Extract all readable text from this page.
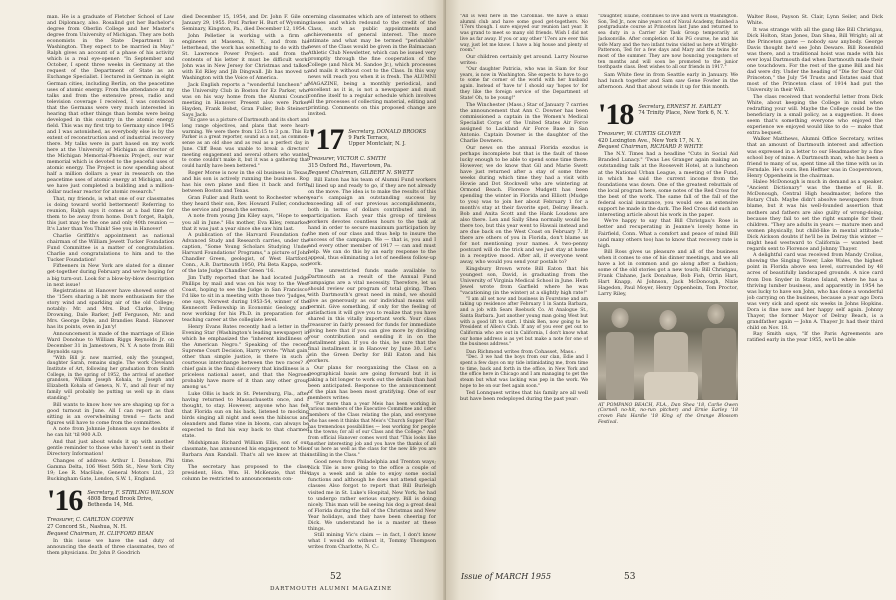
man. He is a graduate of Fletcher School of Law and Diplomacy, also. Rosalind got her Bachelor's degree from Oberlin College and her Master's degree from University of Michigan. They are both economists in the State Department in Washington. They expect to be married in May." Ralph gives an account of a phase of his activity which is a real eye-opener: "In September and October, I spent three weeks in Germany at the request of the Department of State as an Exchange Specialist. I lectured in German in eight German cities, including Berlin, on the peacetime uses of atomic energy. From the attendance at my talks and from the extensive press, radio and television coverage I received, I was convinced that the Germans were very much interested in hearing that other things than bombs were being developed in this country in the atomic energy field. This was my first trip to Germany since 1945 and I was astonished, as everybody else is by the extent of reconstruction and of industrial recovery there. My talks were in part based on my work here at the University of Michigan as director of the Michigan Memorial-Phoenix Project, our war memorial which is devoted to the peaceful uses of atomic energy. The Project is now spending about half a million dollars a year in research on the peacetime uses of atomic energy at Michigan, and we have just completed a building and a million-dollar nuclear reactor for atomic research."

That, my friends, is what one of our classmates is doing toward world betterment! Referring to reunion, Ralph says it comes at a bad time for them to be away from home. Don't forget, Ralph, this just may be the one and only 40th reunion — It's Later than You Think! See you in Hanover!

Charlie Griffith's appointment as national chairman of the William Jewett Tucker Foundation Fund Committee is a matter of congratulation. Charlie and congratulations to him and to the Tucker Foundation!

Fifteeners in New York are slated for a dinner get-together during February and we're hoping for a big turn-out. Look for a blow-by-blow description in next issue!

Registrations at Hanover have showed some of the '15ers sharing a bit more enthusiasm for the story wind and sparkling air of the old College; notably: Mr. and Mrs. Bud Clarke, Irving Drowning, Dale Barker, Jeff Ferguson, Mr. and Mrs. George Dyke, and Brandies Rand. Hanover has its points, even in Jan'y!

Announcement is made of the marriage of Elsie Ward Donohue to William Riggs Reynolds Jr. on December 31 in Jamestown, N. Y. A note from Bill Reynolds says:

"With Bill jr. now married, only the youngest, daughter Sarah, remains single. The work Cleveland Institute of Art, following her graduation from Smith College, in the spring of 1952, the arrival of another grandson, William Joseph Kohala, to Joseph and Elizabeth Kohala of Geneva, N. Y., and all four of my family will probably be putting us well up in class standing."

Bill wants to know how we are shaping up for a good turnout in June. All I can report as that sitting is an overwhelming trend — facts and figures will have to come from the committee.

A note from Johnnie Johnson says he doubts if he can hit 'til 900 A.D.

And that just about winds it up with another gentle reminder to those who haven't sent in their Directory Information!

Changes of address: Arthur I. Donohue, Phi Gamma Delta, 106 West 56th St., New York City 19; Lee R. MacHale, General Motors Ltd., 23 Buckingham Gate, London, S.W. 1, England.

'16 Secretary, F. STIRLING WILSON
4808 Broad Brook Drive,
Bethesda 14, Md.

Treasurer, C. CARLTON COFFIN

27 Concord St., Nashua, N. H.

Bequest Chairman, H. CLIFFORD BEAN

In this issue we have the sad duty of announcing the death of three classmates, two of them physicians. Dr. John P. Goodrich

died December 15, 1954, and Dr. John F. Gile on January 29, 1955. Prof. Parker H. Burt of Wyoming Seminary, Kingston, Pa., died December 12, 1954.

John Pelletier is working with a firm of engineers at Massena, N. Y., and from his letterhead, the work has something to do with the St. Lawrence Power Project: and from the contents of his letter it must be difficult work. John was in New Jersey for Christmas and talked with Ed Riley and Jib Dingwall. Jib has moved to Washington with the Voice of America.

Jack English reports a "wonderful luncheon" at the University Club in Boston for Ez Parker, who was on his way home from the Alumni Council meeting in Hanover. Present also were Parker Hayden, Frank Bobst, Gran Fuller, Bob Steinert. Says Jack:

"Ez gave us a picture of Dartmouth and its short and long range objectives, and plans that were heart-warming. We were there from 12:15 to 3 p.m. This Ez Parker is a great reporter, sound as a nut, as common-sense as an old shoe and as real as a perfect day in June. Cliff Bean was unable to break a directors' meeting engagement and several others who wanted to come couldn't make it, but it was a gathering that could hardly have been bettered."

Roger Morse is now in the oil business in Texas, and his son is actively running the business. Rog has his own plane and flies it back and forth between Boston and Texas.

Gran Fuller and Ruth went to Rochester where they heard their son, Rev. Howard Fuller, conduct the service and preach the sermon.

A note from young Jim Kiley says, "Hope to see you all in June." His mother, Eva Kiley, remarked that it was just a year since she saw him last.

A publication of the Harvard Foundation for Advanced Study and Research carries, under the caption, "Some Young Scholars Studying Under Harvard Foundations' Programs," a picture of John Chandler Green, geologist, of West Hartford, Conn., A.B. Dartmouth 1950, Phi Beta Kappa, son of the late Judge Chandler Green '16.

Jim Tuffy reported that he had located Judge Phillips by mail and was on his way to the West Coast, hoping to see the Judge in San Francisco. I'd like to sit in a meeting with those two "judges," one says, Norwest during 1953-54, winner of the Kennecott Fellowship in Economic Geology, and now working for his Ph.D. in preparation for a teaching career at the collegiate level.

Henry Evans Bates recently had a letter in the Evening Star (Washington's leading newspaper) in which he emphasized the "inherent kindliness of the American Negro." Speaking of the recent Supreme Court Decision, Harry wrote: "What gain, other than simple justice, is there in such a courteous interchange between the two races? A chief gain is the final discovery that kindliness is a priceless national asset, and that the Negroes probably have more of it than any other group among us."

Luke Ollis is back in St. Petersburg, Fla., after having returned to Massachusetts once, and I thought, to stay. However, anyone who has felt that Florida sun on his back, listened to mocking birds singing all night and seen the hibiscus and oleanders and flame vine in bloom, can always be expected to find his way back to that charmed state.

Midshipman Richard William Ellis, son of our classmate, has announced his engagement to Miss Barbara Ann Randall. That's all we know at this time.

The secretary has proposed to the class president, Hon. Wm. H. McKenzie, that this column be restricted to announcements con-

cerning classmates which are of interest to others classes and which redound to the credit of the Class, such as public appointments and achievements of general interest. The more intimate and what may be termed "perishable" news of the Class would be given in the Balmacaan Athletic Club Newsletter, which can be issued very promptly through the fine cooperation of the College (and Nick M. Sandoe Jr.), which processes and mails it without cost to the Class. In this way news will reach you when it is fresh. The ALUMNI MAGAZINE, being a monthly periodical, and excellent as it is, is not a newspaper and must confine itself to a regular schedule which involves all the processes of collecting material, editing and printing. Comments on this proposed change are invited.

'17 Secretary, DONALD BROOKS
9 Park Terrace,
Upper Montclair, N. J.

Treasurer, VICTOR C. SMITH

315 Oxford Rd., Havertown, Pa.

Bequest Chairman, GILBERT N. SWETT

Bill Eaton has his team of Alumni Fund workers all lined up and ready to go, if they are not already on the move. The idea is to make the results of this year's campaign an outstanding success by exceeding all of our previous accomplishments, both in terms of dollars contributed and in participation. Each year this group of tireless workers devotes countless hours to the task at hand in order to secure maximum participation by the men of our class and thus help to insure the success of the campaign. We — that is, you and I and every other member of 1917 — can and must help. We can do this by an early response to the appeal, thus eliminating a lot of needless follow-up work.

The unrestricted funds made available to Dartmouth as a result of the Annual Fund campaigns are a vital necessity. Therefore, let us should review our program of total giving. Then with Dartmouth's great need in mind, we should give as generously as our individual means will permit. Give something, if only for the feeling of satisfaction it will give you to realize that you have shared in this vitally important work. Your class treasurer in fairly pressed for funds for immediate giving here that if you can give more by dividing your contribution and sending it in on the installment plan. If you do this, be sure that the final installment is in Hanover by June 30. Let's win the Green Derby for Bill Eaton and his workers.

Our plans for reorganizing the Class on a geographical basis are going forward but it is taking a bit longer to work out the details than had been anticipated. Response to the announcement of the plan has been most gratifying. One of our members writes:

"For more than a year Meis has been working in various members of the Executive Committee and other members of the Class relating the plan, and everyone who has seen it thinks that Meis's 'Church Supper Plan' has tremendous possibilities — less working for people in the towns; for all of our Class and the College." And from official Hanover comes word that "This looks like another interesting job and you have the thanks of all of us here as well as the class for the new life you are instilling in the Class."

Good news from Philadelphia and Trenton ways; Nick Tile is now going to the office a couple of days a week and is able to enjoy some social functions and although he does not attend special classes Also forgot to report that Bill Burleigh visited me in St. Luke's Hospital, New York, he had to undergo rather serious surgery. Bill is doing nicely. This man will be seeing his dog a great deal of Florida during the fall of the Christmas and New Year holidays, and they have been cheering for Dick. We understand he is a master at these things.

Still mining Vic's claim — in fact, I don't know what I would do without it, Tommy Thompson writes from Charlotte, N. C.:

52
DARTMOUTH ALUMNI MAGAZINE

"All is well here in the Carolinas. We have a small alumni club and have some good get-togethers. No '17ers though. I sure enjoyed our reunion last year. It was grand to meet so many old friends. Wish I did not live as far away. If you or any other '17ers are ever this way, just let me know. I have a big house and plenty of room."

Our children certainly get around. Larry Nourse writes:

"Our daughter Patricia, who was in Siam for four years, is now in Washington. She expects to have to go to some far corner of the world with her husband again. Instead of 'have to' I should say 'hopes to' for they like the foreign service of the Department of State! Oh, to be young!"

The Winchester (Mass.) Star of January 7 carries the announcement that Ann C. Downer has been commissioned a captain in the Women's Medical Specialist Corps of the United States Air Force assigned to Lackland Air Force Base in San Antonio. Captain Downer is the daughter of the Charlie Downers.

Our news on the annual Florida exodus is perhaps incomplete but that is the fault of those lucky enough to be able to spend some time there. However, we do know that Gil and Marie Swett have just returned after a stay of some three weeks during which time they had a visit with Howie and Dot Stockwell who are wintering at Ormond Beach. Florence Mudgett has been spending the winter in Florida and Elliott (Mudge to you) was to join her about February 1 for a month's stay at their favorite spot, Delray Beach. Bob and Anita Scott and the Hank Loudons are also there. Len and Sally Shea normally would be there too, but this year went to Hawaii instead and are due back on the West Coast on February 7. If there are others of you in Florida, don't blame us for not mentioning your names. A two-penny postcard will do the trick and we just stay at home in a receptive mood. After all, if everyone went away, who would you send your postals to?

Kingsbury Brown wrote Bill Eaton that his youngest son, David, is graduating from the University of Virginia Medical School in June. Herb Jewel wrote from Garfield where he was "vacationing (in the winter) at a slightly high rate!"

"I am all set now and business in Fourstone and am taking up residence after February 1 in Santa Barbara, and a job with Sears Roebuck Co. At Analogue St., Santa Barbara. Just another young man going West but with a good lift to start. I think Ben, now going to be President of Allen's Club. If any of you ever get out to California who are out in California, I don't know what our home address is as yet but make a note for one of the business address."

Dan Richmond writes from Cohasset, Mass.:

"Dec. 3 we had the boys from our clan, Edie and I spent a few days on my tide intimidating me, from time to time, back and forth in the office, in New York and the office here in Chicago and I am managing to get the steam but what was lacking was pep in the work. We hope to be on our feet again soon."

Ted Lonnquest writes that his family are all well but have been redeployed during the past year:

"Daughter, Elaine, continues to live and work in Washington. Son, Ted Jr., now nine years out of Naval Academy, finished a postgraduate course at Princeton last June and returned to sea duty in a Carrier Air Task Group temporarily at Jacksonville. After completion of his PG course, he and his wife Mary and the two infant twins visited us here at Wright-Patterson, Ted for a few days and Mary and the twins for most of the summer. They are now bouncing youngsters of ten months and will soon be promoted to the junior toothpaste class. Best wishes to all our friends in 1917."

Sam White flew in from Seattle early in January. We had lunch together and Sam saw Gene Fowler in the afternoon. And that about winds it up for this month.

'18 Secretary, ERNEST H. EARLEY
74 Trinity Place, New York 6, N. Y.

Treasurer, W. CURTIS GLOVER

420 Lexington Ave., New York 17, N. Y.

Bequest Chairman, RICHARD P. WHITE

The N.Y. Times had a headline "Cuts in Social Aid Branded Lunacy." 'Twas Les Granger again making an outstanding talk at the Roosevelt Hotel, at a luncheon at the National Urban League, a meeting of the Fund, in which he said the current income from the foundations was down. One of the greatest rebuttals of the local program here, some notes of the Red Cross for the best of the work. The same fall of the fall of the federal social insurance, you would see an extensive support he made in the dark. The Red Cross did such an interesting article about his work in the paper.

We're happy to say that Bill Christgau's Rose is better and recuperating in Jeanne's lovely home in Fairfield, Conn. What a comfort and peace of mind Bill (and many others too) has to know that recovery rate is high.

Bill Ross gives us pleasure and all of the business when it comes to one of his dinner meetings, and we all have a lot in common and go along after a fashion; some of the old stories got a new touch; Bill Christgau, Frank Clahane, Jack Donahue, Bob Fish, Orrin Hart, Hart Knapp, Al Johnson, Jack McDonough, Nixie Hagedon, Paul Moyer, Henry Oppenheim, Tom Proctor, Larry Riley,

AT POMPANO BEACH, FLA., Dan Shea '18, Carlie Owen (Cornell no-hit, no-run pitcher) and Ernie Earley '18 crown Fats Hardie '18 King of the Orange Blossom Festival.

Walter Ross, Payson St. Clair, Lynn Seiler, and Dick White.

It was strange with all the gang like Bill Christgau, Dick Holton, Stan Jones, Dan Shea, Bill Wright; all at the Princeton game — nobody saw anybody. George Davis thought he'd see John Deware. Bill Rosenfeld was there, and a traditional hoist was made with his ever loyal Dartmouth dad when Dartmouth made their one touchdown. For the rest of the game Bill and his dad were dry. Under the heading of "Die for Dear Old Princeton," the July '54 Trusts and Estates said that most of the Princeton class of 1914 had put the University in their Will.

The class received that wonderful letter from Dick White, about keeping the College in mind when redrafting your will. Maybe the College could be the beneficiary in a small policy, as a suggestion. It does seem that's something everyone who enjoyed the experience we enjoyed would like to do — make that extra bequest.

Walker Matthews, Alumni Office Secretary, writes that an amount of Dartmouth interest and affection was expressed in a letter to our Headmaster by a fine school boy of mine. A Dartmouth man, who has been a friend to many of us, spent time all the time with us in Ferndale. He's ours. Ben Heffner was in Cooperstown, Henry Oppenheim is the chairman.

Haleo McDonough is much in demand as a speaker. "Ancient Dictionary" was the theme of H. B. McDonough, Central High headmaster, before the Rotary Club. Maybe didn't absolve newspapers from blame, but it was his well-founded assertion that mothers and fathers are also guilty of wrong-doing, because they fail to set the right example for their children. "They are adults in years — mature men and women physically, but child-like in mental attitude." Dick Aickson doubts if he'll be in Delray this winter — might head westward to California — wanted best regards sent to Florence and Johnny Thayer.

A delightful card was received from Mandy Crolius, showing the Singing Tower, Lake Wales, the highest point in Florida above sea level, surrounded by 48 acres of beautifully landscaped grounds. A nice card from Don Snyder in Staten Island, where he has a thriving lumber business, and apparently in 1954 he was lucky to have son John, who has done a wonderful job carrying on the business, because a year ago Dora was very sick and spent six weeks in Johns Hopkins. Dora is fine now and her happy self again. Johnny Thayer, the former Mayor of Delray Beach, is a grandfather again — John A. Thayer Jr. had their third child on Nov. 18.

Ray Smith says, "If the Paris Agreements are ratified early in the year 1955, we'll be able

Issue of MARCH 1955	53
